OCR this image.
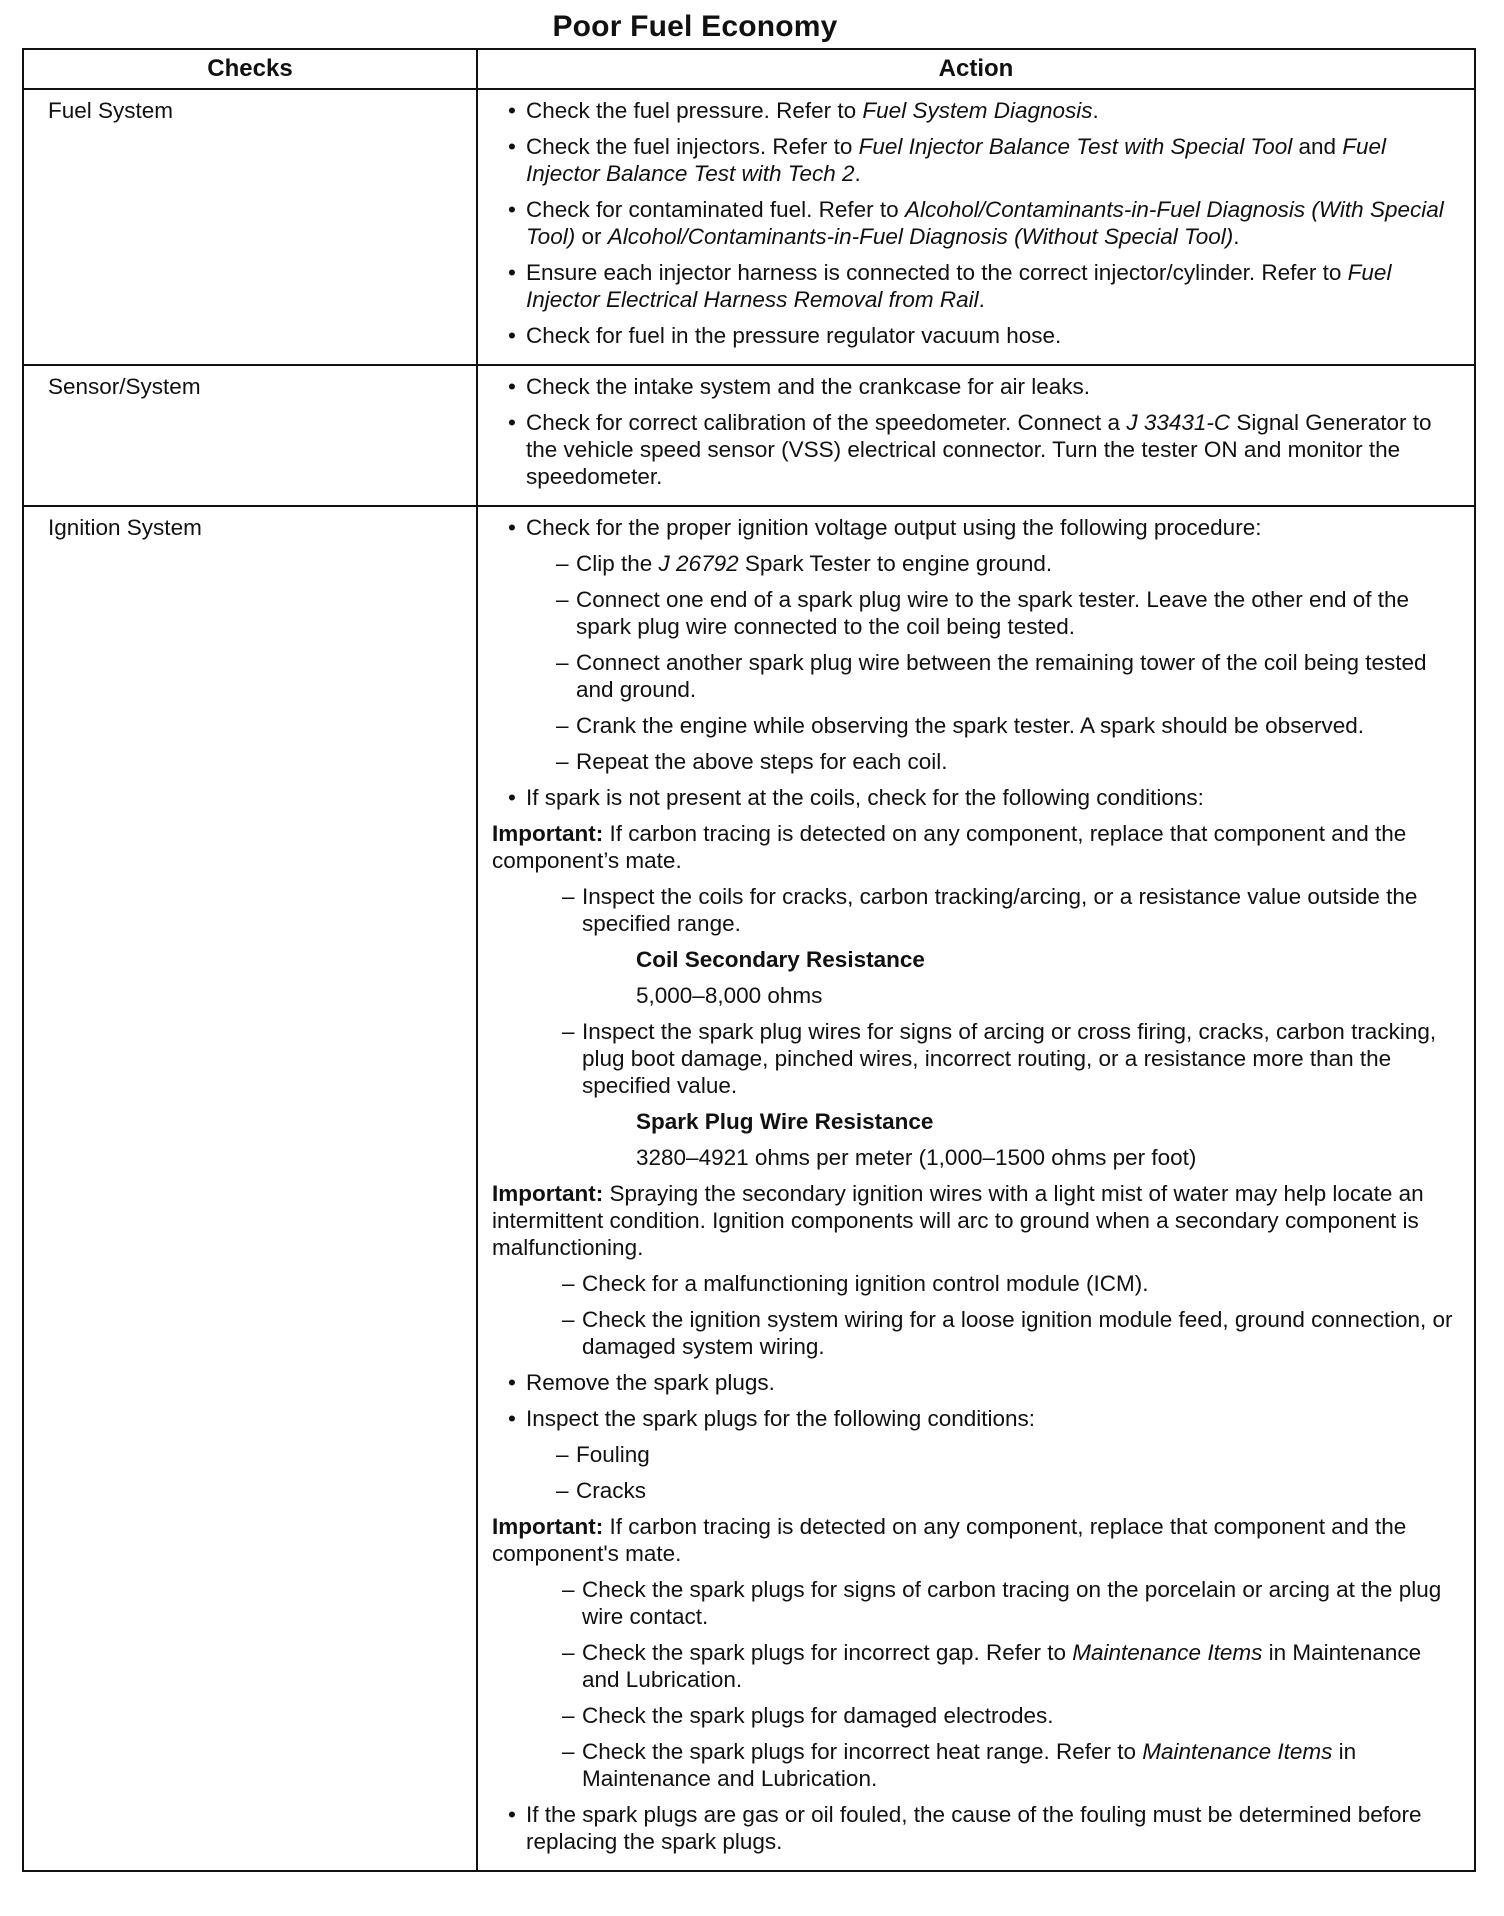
Poor Fuel Economy
Checks	Action
Fuel System	• Check the fuel pressure. Refer to Fuel System Diagnosis.
• Check the fuel injectors. Refer to Fuel Injector Balance Test with Special Tool and Fuel Injector Balance Test with Tech 2.
• Check for contaminated fuel. Refer to Alcohol/Contaminants-in-Fuel Diagnosis (With Special Tool) or Alcohol/Contaminants-in-Fuel Diagnosis (Without Special Tool).
• Ensure each injector harness is connected to the correct injector/cylinder. Refer to Fuel Injector Electrical Harness Removal from Rail.
• Check for fuel in the pressure regulator vacuum hose.
Sensor/System	• Check the intake system and the crankcase for air leaks.
• Check for correct calibration of the speedometer. Connect a J 33431-C Signal Generator to the vehicle speed sensor (VSS) electrical connector. Turn the tester ON and monitor the speedometer.
Ignition System	• Check for the proper ignition voltage output using the following procedure:
– Clip the J 26792 Spark Tester to engine ground.
– Connect one end of a spark plug wire to the spark tester. Leave the other end of the spark plug wire connected to the coil being tested.
– Connect another spark plug wire between the remaining tower of the coil being tested and ground.
– Crank the engine while observing the spark tester. A spark should be observed.
– Repeat the above steps for each coil.
• If spark is not present at the coils, check for the following conditions:
Important: If carbon tracing is detected on any component, replace that component and the component’s mate.
– Inspect the coils for cracks, carbon tracking/arcing, or a resistance value outside the specified range.
Coil Secondary Resistance
5,000–8,000 ohms
– Inspect the spark plug wires for signs of arcing or cross firing, cracks, carbon tracking, plug boot damage, pinched wires, incorrect routing, or a resistance more than the specified value.
Spark Plug Wire Resistance
3280–4921 ohms per meter (1,000–1500 ohms per foot)
Important: Spraying the secondary ignition wires with a light mist of water may help locate an intermittent condition. Ignition components will arc to ground when a secondary component is malfunctioning.
– Check for a malfunctioning ignition control module (ICM).
– Check the ignition system wiring for a loose ignition module feed, ground connection, or damaged system wiring.
• Remove the spark plugs.
• Inspect the spark plugs for the following conditions:
– Fouling
– Cracks
Important: If carbon tracing is detected on any component, replace that component and the component's mate.
– Check the spark plugs for signs of carbon tracing on the porcelain or arcing at the plug wire contact.
– Check the spark plugs for incorrect gap. Refer to Maintenance Items in Maintenance and Lubrication.
– Check the spark plugs for damaged electrodes.
– Check the spark plugs for incorrect heat range. Refer to Maintenance Items in Maintenance and Lubrication.
• If the spark plugs are gas or oil fouled, the cause of the fouling must be determined before replacing the spark plugs.
